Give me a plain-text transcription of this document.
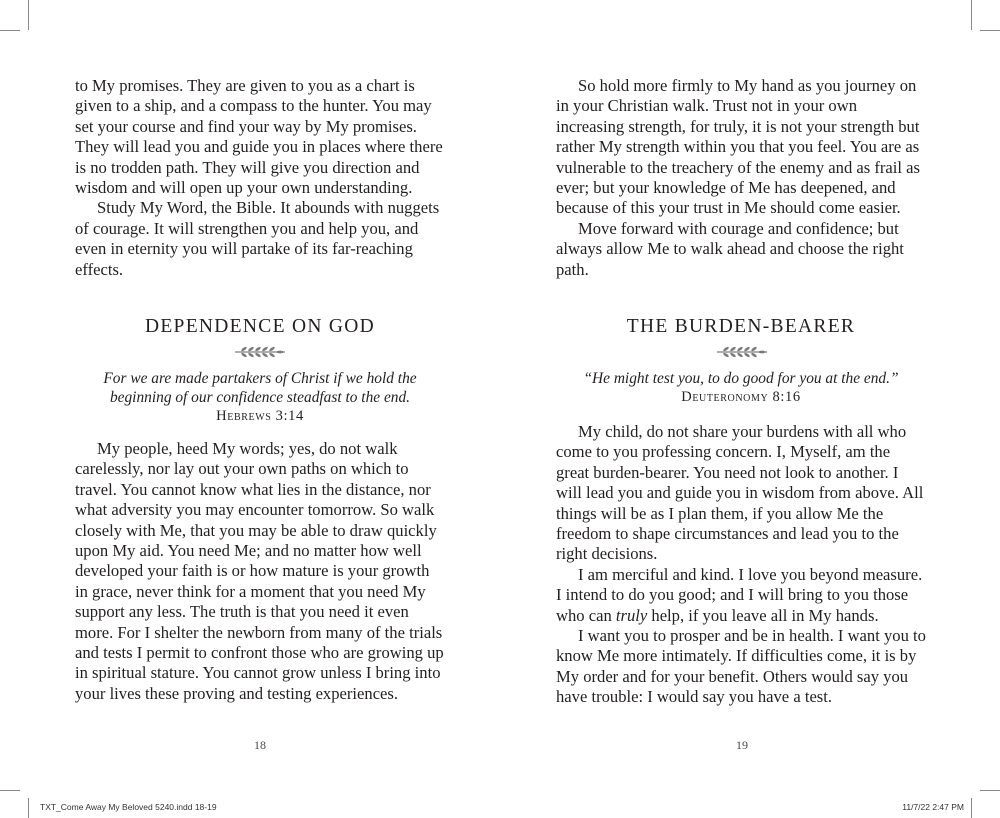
to My promises. They are given to you as a chart is given to a ship, and a compass to the hunter. You may set your course and find your way by My promises. They will lead you and guide you in places where there is no trodden path. They will give you direction and wisdom and will open up your own understanding.

Study My Word, the Bible. It abounds with nuggets of courage. It will strengthen you and help you, and even in eternity you will partake of its far-reaching effects.

DEPENDENCE ON GOD
For we are made partakers of Christ if we hold the beginning of our confidence steadfast to the end.
Hebrews 3:14

My people, heed My words; yes, do not walk carelessly, nor lay out your own paths on which to travel. You cannot know what lies in the distance, nor what adversity you may encounter tomorrow. So walk closely with Me, that you may be able to draw quickly upon My aid. You need Me; and no matter how well developed your faith is or how mature is your growth in grace, never think for a moment that you need My support any less. The truth is that you need it even more. For I shelter the newborn from many of the trials and tests I permit to confront those who are growing up in spiritual stature. You cannot grow unless I bring into your lives these proving and testing experiences.

18

So hold more firmly to My hand as you journey on in your Christian walk. Trust not in your own increasing strength, for truly, it is not your strength but rather My strength within you that you feel. You are as vulnerable to the treachery of the enemy and as frail as ever; but your knowledge of Me has deepened, and because of this your trust in Me should come easier.

Move forward with courage and confidence; but always allow Me to walk ahead and choose the right path.

THE BURDEN-BEARER
“He might test you, to do good for you at the end.”
Deuteronomy 8:16

My child, do not share your burdens with all who come to you professing concern. I, Myself, am the great burden-bearer. You need not look to another. I will lead you and guide you in wisdom from above. All things will be as I plan them, if you allow Me the freedom to shape circumstances and lead you to the right decisions.

I am merciful and kind. I love you beyond measure. I intend to do you good; and I will bring to you those who can truly help, if you leave all in My hands.

I want you to prosper and be in health. I want you to know Me more intimately. If difficulties come, it is by My order and for your benefit. Others would say you have trouble: I would say you have a test.

19
TXT_Come Away My Beloved 5240.indd 18-19	11/7/22 2:47 PM
